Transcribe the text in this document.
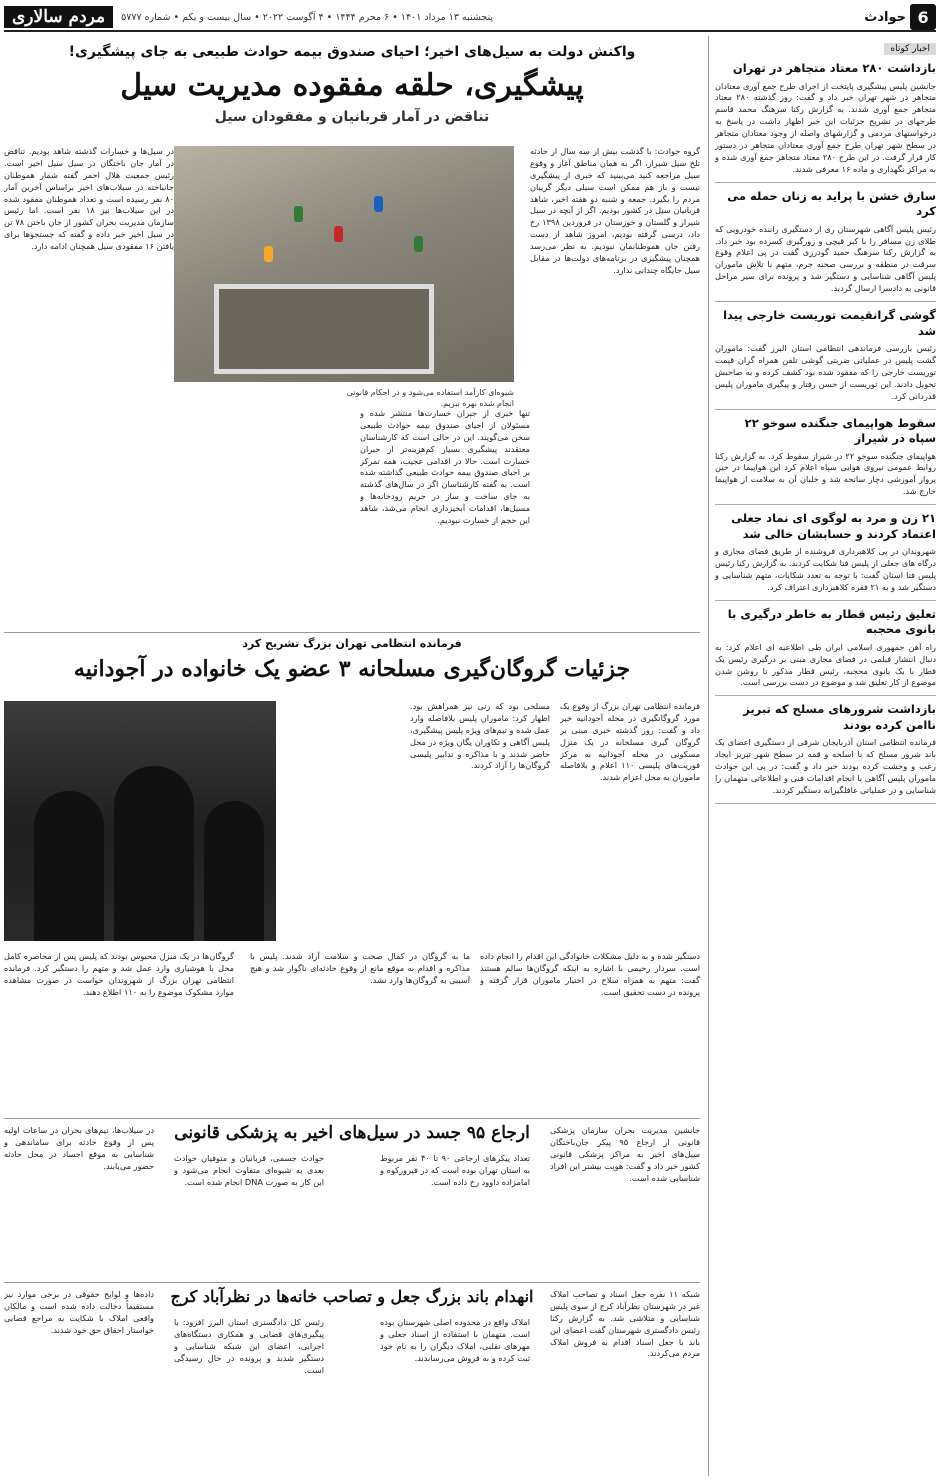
6
حوادث
پنجشنبه ۱۳ مرداد ۱۴۰۱ • ۶ محرم ۱۴۴۴ • ۴ آگوست ۲۰۲۲ • سال بیست و یکم • شماره ۵۷۷۷
مردم سالاری
اخبار کوتاه
بازداشت ۲۸۰ معتاد متجاهر در تهران
جانشین پلیس پیشگیری پایتخت از اجرای طرح جمع آوری معتادان متجاهر در شهر تهران خبر داد و گفت: روز گذشته ۲۸۰ معتاد متجاهر جمع آوری شدند. به گزارش رکنا سرهنگ محمد قاسم طرحهای در تشریح جزئیات این خبر اظهار داشت در پاسخ به درخواستهای مردمی و گزارشهای واصله از وجود معتادان متجاهر در سطح شهر تهران طرح جمع آوری معتادان متجاهر در دستور کار قرار گرفت. در این طرح ۲۸۰ معتاد متجاهر جمع آوری شده و به مراکز نگهداری و ماده ۱۶ معرفی شدند.
سارق خشن با پراید به زنان حمله می کرد
رئیس پلیس آگاهی شهرستان ری از دستگیری راننده خودرویی که طلای زن مسافر را با کبر قیچی و زورگیری کسرده بود خبر داد. به گزارش رکنا سرهنگ حمید گودرزی گفت در پی اعلام وقوع سرقت در منطقه و بررسی صحنه جرم، متهم با تلاش ماموران پلیس آگاهی شناسایی و دستگیر شد و پرونده برای سیر مراحل قانونی به دادسرا ارسال گردید.
گوشی گرانقیمت توریست خارجی پیدا شد
رئیس بازرسی فرماندهی انتظامی استان البرز گفت: ماموران گشت پلیس در عملیاتی ضربتی گوشی تلفن همراه گران قیمت توریست خارجی را که مفقود شده بود کشف کرده و به صاحبش تحویل دادند. این توریست از حسن رفتار و پیگیری ماموران پلیس قدردانی کرد.
سقوط هواپیمای جنگنده سوخو ۲۲ سپاه در شیراز
هواپیمای جنگنده سوخو ۲۲ در شیراز سقوط کرد. به گزارش رکنا روابط عمومی نیروی هوایی سپاه اعلام کرد این هواپیما در حین پرواز آموزشی دچار سانحه شد و خلبان آن به سلامت از هواپیما خارج شد.
۲۱ زن و مرد به لوگوی ای نماد جعلی اعتماد کردند و حسابشان خالی شد
شهروندان در پی کلاهبرداری فروشنده از طریق فضای مجازی و درگاه های جعلی از پلیس فتا شکایت کردند. به گزارش رکنا رئیس پلیس فتا استان گفت: با توجه به تعدد شکایات، متهم شناسایی و دستگیر شد و به ۲۱ فقره کلاهبرداری اعتراف کرد.
تعلیق رئیس قطار به خاطر درگیری با بانوی محجبه
راه آهن جمهوری اسلامی ایران طی اطلاعیه ای اعلام کرد: به دنبال انتشار فیلمی در فضای مجازی مبنی بر درگیری رئیس یک قطار با یک بانوی محجبه، رئیس قطار مذکور تا روشن شدن موضوع از کار تعلیق شد و موضوع در دست بررسی است.
بازداشت شرورهای مسلح که تبریز ناامن کرده بودند
فرمانده انتظامی استان آذربایجان شرقی از دستگیری اعضای یک باند شرور مسلح که با اسلحه و قمه در سطح شهر تبریز ایجاد رعب و وحشت کرده بودند خبر داد و گفت: در پی این حوادث ماموران پلیس آگاهی با انجام اقدامات فنی و اطلاعاتی متهمان را شناسایی و در عملیاتی غافلگیرانه دستگیر کردند.
واکنش دولت به سیل‌های اخیر؛ احیای صندوق بیمه حوادث طبیعی به جای پیشگیری!
پیشگیری، حلقه مفقوده مدیریت سیل
تناقض در آمار قربانیان و مفقودان سیل
گروه حوادث: با گذشت بیش از سه سال از حادثه تلخ سیل شیراز، اگر به همان مناطق آغاز و وقوع سیل مراجعه کنید می‌بینید که خبری از پیشگیری نیست و باز هم ممکن است سیلی دیگر گریبان مردم را بگیرد. جمعه و شنبه دو هفته اخیر، شاهد قربانیان سیل در کشور بودیم. اگر از آنچه در سیل شیراز و گلستان و خوزستان در فروردین ۱۳۹۸ رخ داد، درسی گرفته بودیم، امروز شاهد از دست رفتن جان هموطنانمان نبودیم. به نظر می‌رسد همچنان پیشگیری در برنامه‌های دولت‌ها در مقابل سیل جایگاه چندانی ندارد.
شیوه‌ای کارآمد استفاده می‌شود و در احکام قانونی انجام شده بهره ببریم.
تنها خبری از جبران خسارت‌ها منتشر شده و مسئولان از احیای صندوق بیمه حوادث طبیعی سخن می‌گویند. این در حالی است که کارشناسان معتقدند پیشگیری بسیار کم‌هزینه‌تر از جبران خسارت است. حالا در اقدامی عجیب، همه تمرکز بر احیای صندوق بیمه حوادث طبیعی گذاشته شده است. به گفته کارشناسان اگر در سال‌های گذشته به جای ساخت و ساز در حریم رودخانه‌ها و مسیل‌ها، اقدامات آبخیزداری انجام می‌شد، شاهد این حجم از خسارت نبودیم.
در سیل‌ها و خسارات گذشته شاهد بودیم. تناقض در آمار جان باختگان در سیل سیل اخیر است. رئیس جمعیت هلال احمر گفته شمار هموطنان جانباخته در سیلاب‌های اخیر براساس آخرین آمار ۸۰ نفر رسیده است و تعداد هموطنان مفقود شده در این سیلاب‌ها نیز ۱۸ نفر است. اما رئیس سازمان مدیریت بحران کشور از جان باختن ۷۸ تن در سیل اخیر خبر داده و گفته که جستجوها برای یافتن ۱۶ مفقودی سیل همچنان ادامه دارد.
فرمانده انتظامی تهران بزرگ تشریح کرد
جزئیات گروگان‌گیری مسلحانه ۳ عضو یک خانواده در آجودانیه
فرمانده انتظامی تهران بزرگ از وقوع یک مورد گروگانگیری در محله آجودانیه خبر داد و گفت: روز گذشته خبری مبنی بر گروگان گیری مسلحانه در یک منزل مسکونی در محله آجودانیه به مرکز فوریت‌های پلیسی ۱۱۰ اعلام و بلافاصله ماموران به محل اعزام شدند.
مسلحی بود که زنی نیز همراهش بود. اظهار کرد: ماموران پلیس بلافاصله وارد عمل شده و تیم‌های ویژه پلیس پیشگیری، پلیس آگاهی و تکاوران یگان ویژه در محل حاضر شدند و با مذاکره و تدابیر پلیسی گروگان‌ها را آزاد کردند.
دستگیر شده و به دلیل مشکلات خانوادگی این اقدام را انجام داده است. سردار رحیمی با اشاره به اینکه گروگان‌ها سالم هستند گفت: متهم به همراه سلاح در اختیار ماموران قرار گرفته و پرونده در دست تحقیق است.
ما به گروگان در کمال صحت و سلامت آزاد شدند. پلیس با مذاکره و اقدام به موقع مانع از وقوع حادثه‌ای ناگوار شد و هیچ آسیبی به گروگان‌ها وارد نشد.
گروگان‌ها در یک منزل محبوس بودند که پلیس پس از محاصره کامل محل با هوشیاری وارد عمل شد و متهم را دستگیر کرد. فرمانده انتظامی تهران بزرگ از شهروندان خواست در صورت مشاهده موارد مشکوک موضوع را به ۱۱۰ اطلاع دهند.
جانشین مدیریت بحران سازمان پزشکی قانونی از ارجاع ۹۵ پیکر جان‌باختگان سیل‌های اخیر به مراکز پزشکی قانونی کشور خبر داد و گفت: هویت بیشتر این افراد شناسایی شده است.
ارجاع ۹۵ جسد در سیل‌های اخیر به پزشکی قانونی
تعداد پیکرهای ارجاعی ۹۰ تا ۴۰ نفر مربوط به استان تهران بوده است که در فیروزکوه و امامزاده داوود رخ داده است.
حوادث جسمی، قربانیان و متوفیان حوادث بعدی به شیوه‌ای متفاوت انجام می‌شود و این کار به صورت DNA انجام شده است.
در سیلاب‌ها، تیم‌های بحران در ساعات اولیه پس از وقوع حادثه برای ساماندهی و شناسایی به موقع اجساد در محل حادثه حضور می‌یابند.
شبکه ۱۱ نفره جعل اسناد و تصاحب املاک غیر در شهرستان نظرآباد کرج از سوی پلیس شناسایی و متلاشی شد. به گزارش رکنا رئیس دادگستری شهرستان گفت اعضای این باند با جعل اسناد اقدام به فروش املاک مردم می‌کردند.
انهدام باند بزرگ جعل و تصاحب خانه‌ها در نظرآباد کرج
املاک واقع در محدوده اصلی شهرستان بوده است. متهمان با استفاده از اسناد جعلی و مهرهای تقلبی، املاک دیگران را به نام خود ثبت کرده و به فروش می‌رساندند.
رئیس کل دادگستری استان البرز افزود: با پیگیری‌های قضایی و همکاری دستگاه‌های اجرایی، اعضای این شبکه شناسایی و دستگیر شدند و پرونده در حال رسیدگی است.
داده‌ها و لوایح حقوقی در برخی موارد نیز مستقیماً دخالت داده شده است و مالکان واقعی املاک با شکایت به مراجع قضایی خواستار احقاق حق خود شدند.
